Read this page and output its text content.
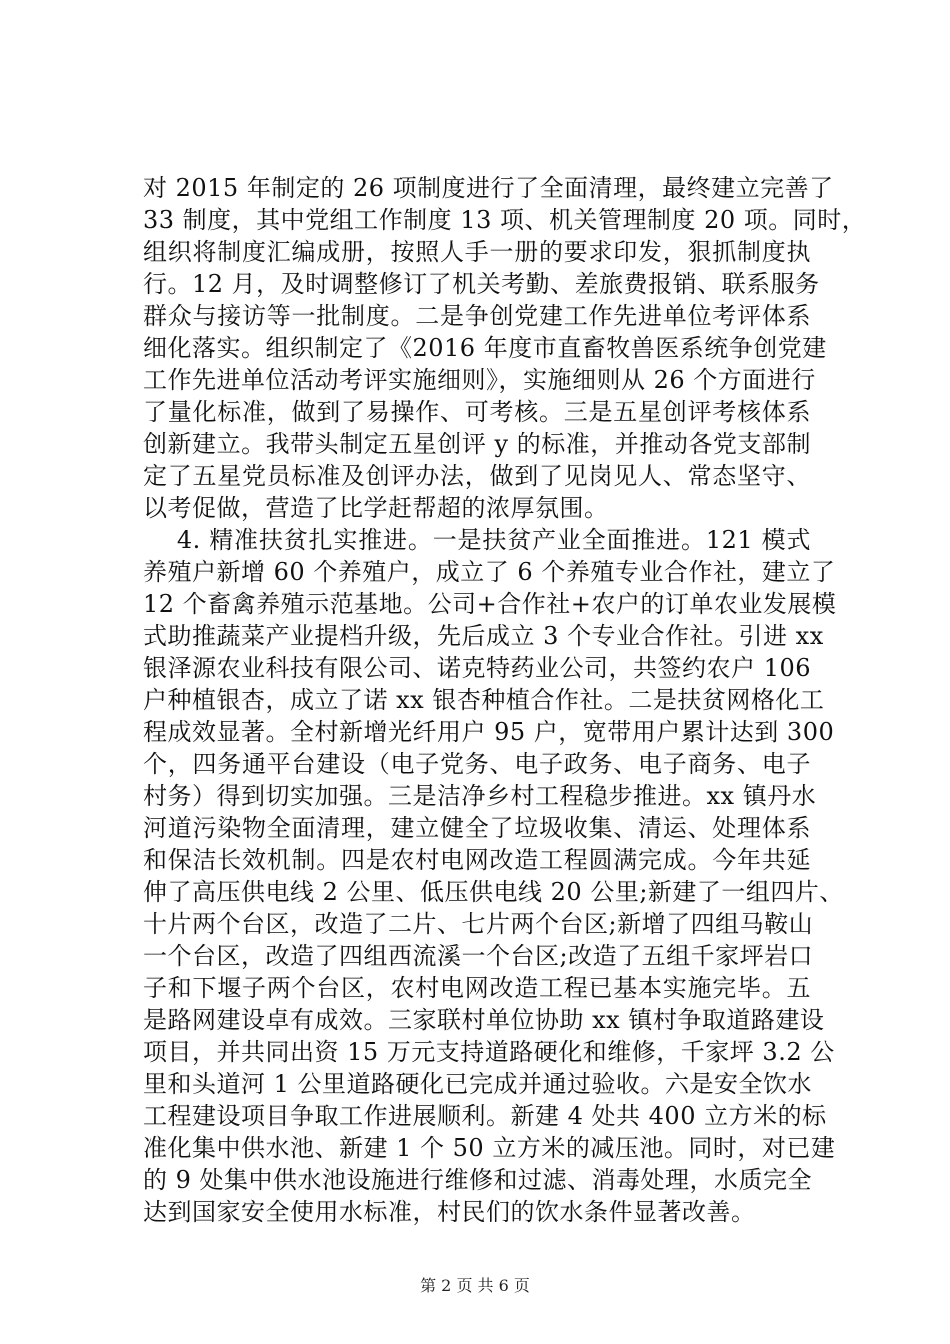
对 2015 年制定的 26 项制度进行了全面清理，最终建立完善了
33 制度，其中党组工作制度 13 项、机关管理制度 20 项。同时，
组织将制度汇编成册，按照人手一册的要求印发，狠抓制度执
行。12 月，及时调整修订了机关考勤、差旅费报销、联系服务
群众与接访等一批制度。二是争创党建工作先进单位考评体系
细化落实。组织制定了《2016 年度市直畜牧兽医系统争创党建
工作先进单位活动考评实施细则》，实施细则从 26 个方面进行
了量化标准，做到了易操作、可考核。三是五星创评考核体系
创新建立。我带头制定五星创评 y 的标准，并推动各党支部制
定了五星党员标准及创评办法，做到了见岗见人、常态坚守、
以考促做，营造了比学赶帮超的浓厚氛围。
4. 精准扶贫扎实推进。一是扶贫产业全面推进。121 模式
养殖户新增 60 个养殖户，成立了 6 个养殖专业合作社，建立了
12 个畜禽养殖示范基地。公司+合作社+农户的订单农业发展模
式助推蔬菜产业提档升级，先后成立 3 个专业合作社。引进 xx
银泽源农业科技有限公司、诺克特药业公司，共签约农户 106
户种植银杏，成立了诺 xx 银杏种植合作社。二是扶贫网格化工
程成效显著。全村新增光纤用户 95 户，宽带用户累计达到 300
个，四务通平台建设（电子党务、电子政务、电子商务、电子
村务）得到切实加强。三是洁净乡村工程稳步推进。xx 镇丹水
河道污染物全面清理，建立健全了垃圾收集、清运、处理体系
和保洁长效机制。四是农村电网改造工程圆满完成。今年共延
伸了高压供电线 2 公里、低压供电线 20 公里;新建了一组四片、
十片两个台区，改造了二片、七片两个台区;新增了四组马鞍山
一个台区，改造了四组西流溪一个台区;改造了五组千家坪岩口
子和下堰子两个台区，农村电网改造工程已基本实施完毕。五
是路网建设卓有成效。三家联村单位协助 xx 镇村争取道路建设
项目，并共同出资 15 万元支持道路硬化和维修，千家坪 3.2 公
里和头道河 1 公里道路硬化已完成并通过验收。六是安全饮水
工程建设项目争取工作进展顺利。新建 4 处共 400 立方米的标
准化集中供水池、新建 1 个 50 立方米的减压池。同时，对已建
的 9 处集中供水池设施进行维修和过滤、消毒处理，水质完全
达到国家安全使用水标准，村民们的饮水条件显著改善。
第 2 页 共 6 页
